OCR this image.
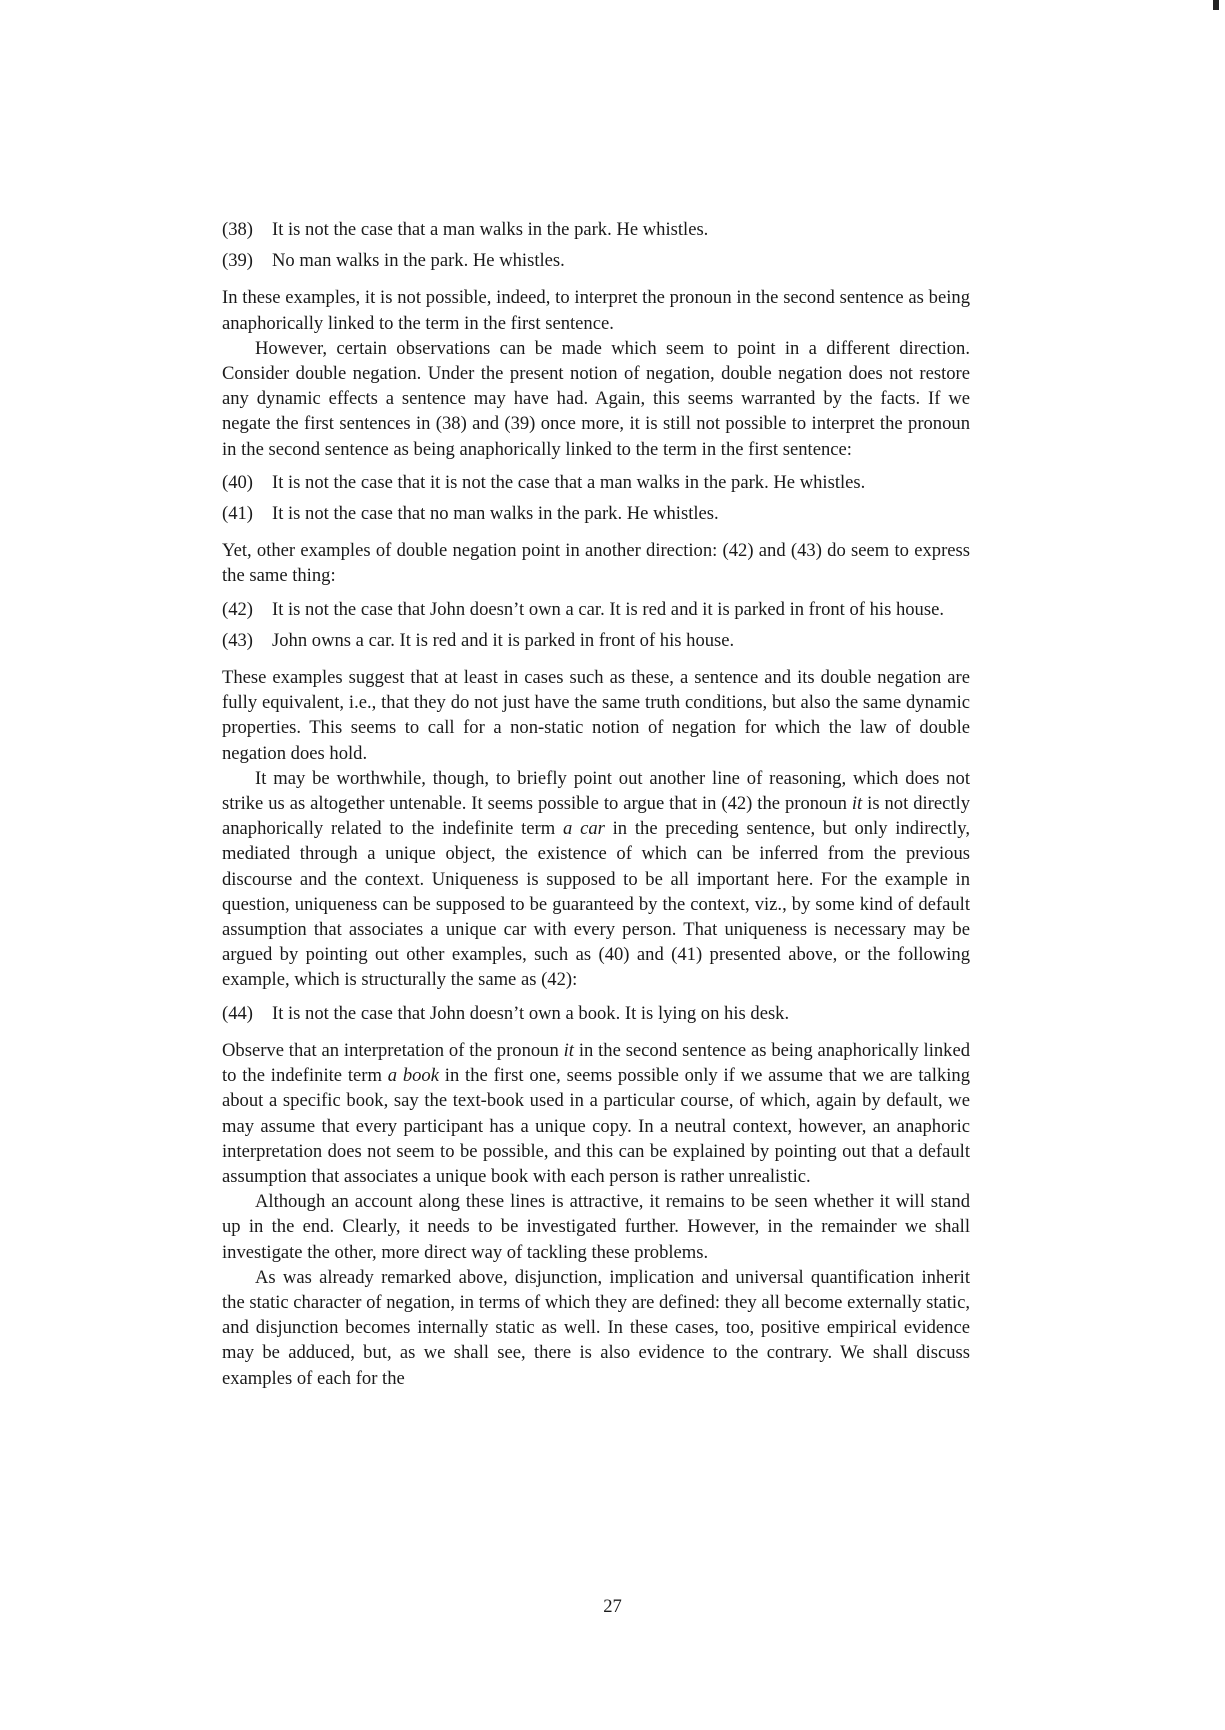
(38)	It is not the case that a man walks in the park. He whistles.
(39)	No man walks in the park. He whistles.

In these examples, it is not possible, indeed, to interpret the pronoun in the second sentence as being anaphorically linked to the term in the first sentence.

However, certain observations can be made which seem to point in a different direction. Consider double negation. Under the present notion of negation, double negation does not restore any dynamic effects a sentence may have had. Again, this seems warranted by the facts. If we negate the first sentences in (38) and (39) once more, it is still not possible to interpret the pronoun in the second sentence as being anaphorically linked to the term in the first sentence:

(40)	It is not the case that it is not the case that a man walks in the park. He whistles.
(41)	It is not the case that no man walks in the park. He whistles.

Yet, other examples of double negation point in another direction: (42) and (43) do seem to express the same thing:

(42)	It is not the case that John doesn’t own a car. It is red and it is parked in front of his house.
(43)	John owns a car. It is red and it is parked in front of his house.

These examples suggest that at least in cases such as these, a sentence and its double negation are fully equivalent, i.e., that they do not just have the same truth conditions, but also the same dynamic properties. This seems to call for a non-static notion of negation for which the law of double negation does hold.

It may be worthwhile, though, to briefly point out another line of reasoning, which does not strike us as altogether untenable. It seems possible to argue that in (42) the pronoun it is not directly anaphorically related to the indefinite term a car in the preceding sentence, but only indirectly, mediated through a unique object, the existence of which can be inferred from the previous discourse and the context. Uniqueness is supposed to be all important here. For the example in question, uniqueness can be supposed to be guaranteed by the context, viz., by some kind of default assumption that associates a unique car with every person. That uniqueness is necessary may be argued by pointing out other examples, such as (40) and (41) presented above, or the following example, which is structurally the same as (42):

(44)	It is not the case that John doesn’t own a book. It is lying on his desk.

Observe that an interpretation of the pronoun it in the second sentence as being anaphorically linked to the indefinite term a book in the first one, seems possible only if we assume that we are talking about a specific book, say the text-book used in a particular course, of which, again by default, we may assume that every participant has a unique copy. In a neutral context, however, an anaphoric interpretation does not seem to be possible, and this can be explained by pointing out that a default assumption that associates a unique book with each person is rather unrealistic.

Although an account along these lines is attractive, it remains to be seen whether it will stand up in the end. Clearly, it needs to be investigated further. However, in the remainder we shall investigate the other, more direct way of tackling these problems.

As was already remarked above, disjunction, implication and universal quantification inherit the static character of negation, in terms of which they are defined: they all become externally static, and disjunction becomes internally static as well. In these cases, too, positive empirical evidence may be adduced, but, as we shall see, there is also evidence to the contrary. We shall discuss examples of each for the

27
